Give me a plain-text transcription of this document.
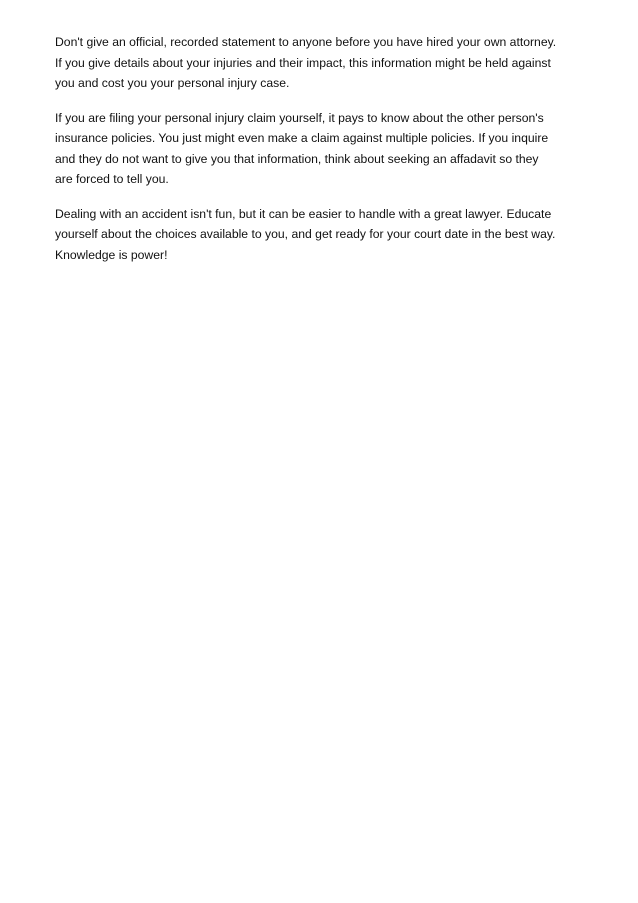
Don't give an official, recorded statement to anyone before you have hired your own attorney.
If you give details about your injuries and their impact, this information might be held against
you and cost you your personal injury case.

If you are filing your personal injury claim yourself, it pays to know about the other person's
insurance policies. You just might even make a claim against multiple policies. If you inquire
and they do not want to give you that information, think about seeking an affadavit so they
are forced to tell you.

Dealing with an accident isn't fun, but it can be easier to handle with a great lawyer. Educate
yourself about the choices available to you, and get ready for your court date in the best way.
Knowledge is power!
